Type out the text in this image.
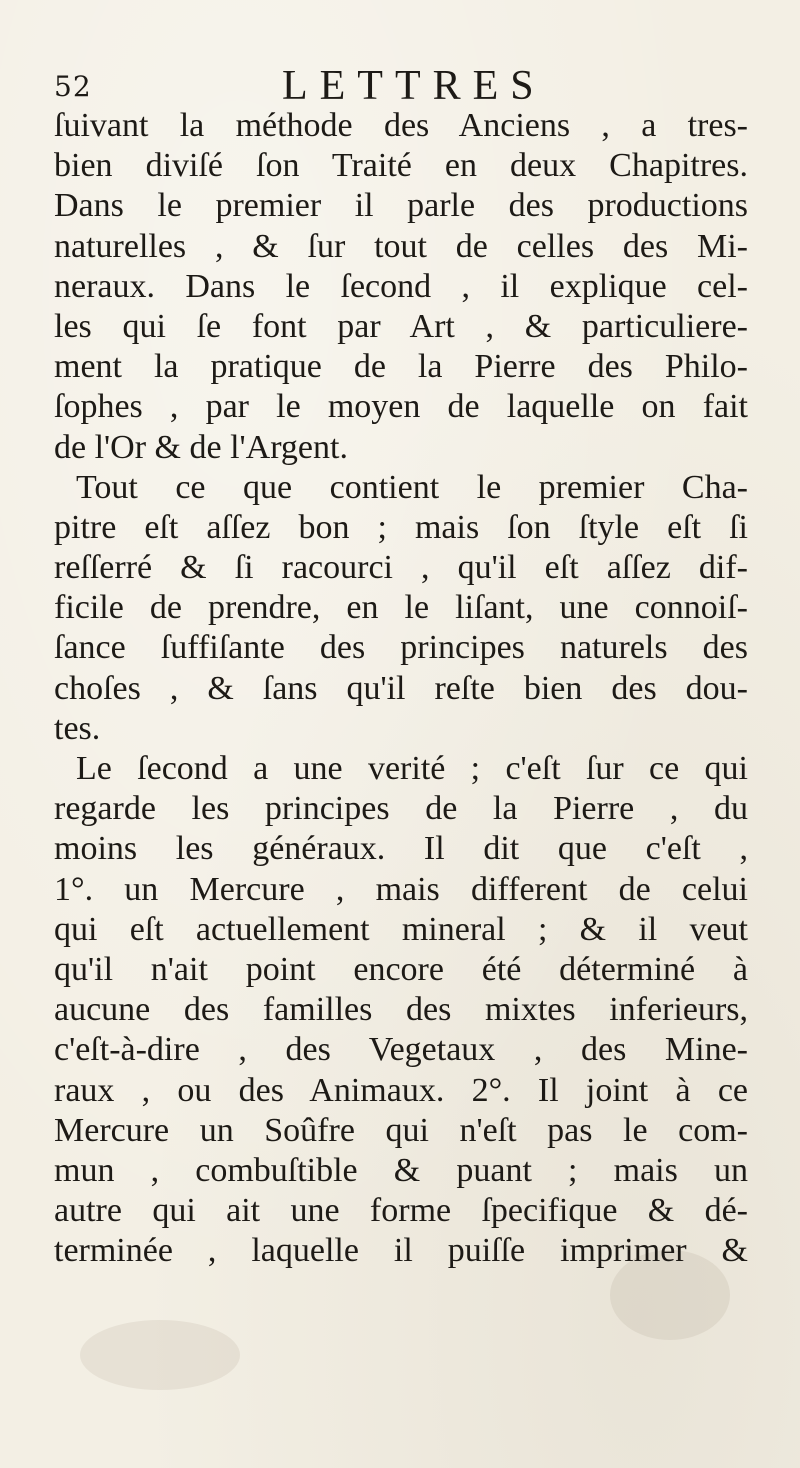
52	LETTRES
ſuivant la méthode des Anciens , a tres-
bien diviſé ſon Traité en deux Chapitres.
Dans le premier il parle des productions
naturelles , & ſur tout de celles des Mi-
neraux. Dans le ſecond , il explique cel-
les qui ſe font par Art , & particuliere-
ment la pratique de la Pierre des Philo-
ſophes , par le moyen de laquelle on fait
de l'Or & de l'Argent.
Tout ce que contient le premier Cha-
pitre eſt aſſez bon ; mais ſon ſtyle eſt ſi
reſſerré & ſi racourci , qu'il eſt aſſez dif-
ficile de prendre, en le liſant, une connoiſ-
ſance ſuffiſante des principes naturels des
choſes , & ſans qu'il reſte bien des dou-
tes.
Le ſecond a une verité ; c'eſt ſur ce qui
regarde les principes de la Pierre , du
moins les généraux. Il dit que c'eſt ,
1°. un Mercure , mais different de celui
qui eſt actuellement mineral ; & il veut
qu'il n'ait point encore été déterminé à
aucune des familles des mixtes inferieurs,
c'eſt-à-dire , des Vegetaux , des Mine-
raux , ou des Animaux. 2°. Il joint à ce
Mercure un Soûfre qui n'eſt pas le com-
mun , combuſtible & puant ; mais un
autre qui ait une forme ſpecifique & dé-
terminée , laquelle il puiſſe imprimer &
